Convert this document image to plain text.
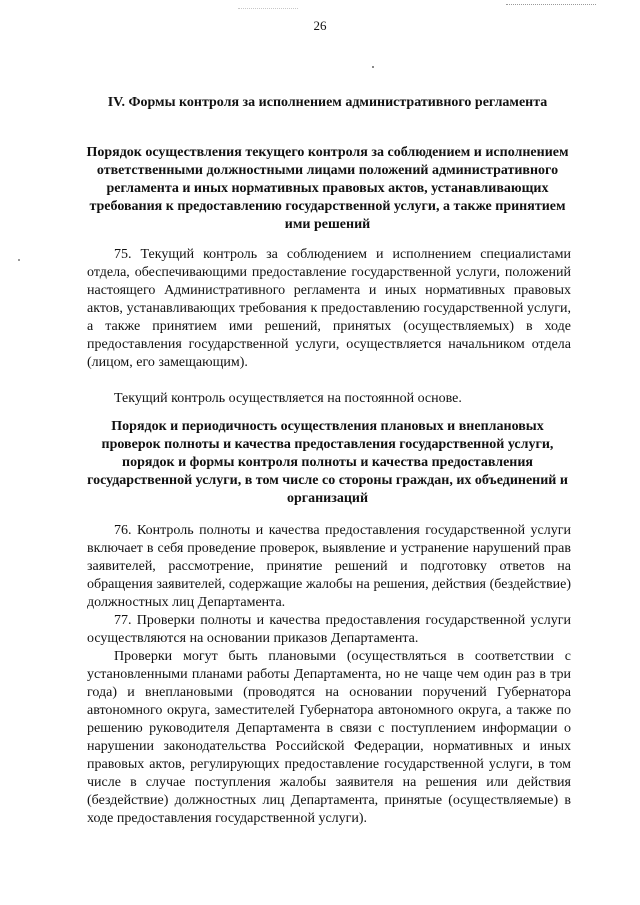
26
IV. Формы контроля за исполнением административного регламента
Порядок осуществления текущего контроля за соблюдением и исполнением ответственными должностными лицами положений административного регламента и иных нормативных правовых актов, устанавливающих требования к предоставлению государственной услуги, а также принятием ими решений

75. Текущий контроль за соблюдением и исполнением специалистами отдела, обеспечивающими предоставление государственной услуги, положений настоящего Административного регламента и иных нормативных правовых актов, устанавливающих требования к предоставлению государственной услуги, а также принятием ими решений, принятых (осуществляемых) в ходе предоставления государственной услуги, осуществляется начальником отдела (лицом, его замещающим).

Текущий контроль осуществляется на постоянной основе.

Порядок и периодичность осуществления плановых и внеплановых проверок полноты и качества предоставления государственной услуги, порядок и формы контроля полноты и качества предоставления государственной услуги, в том числе со стороны граждан, их объединений и организаций

76. Контроль полноты и качества предоставления государственной услуги включает в себя проведение проверок, выявление и устранение нарушений прав заявителей, рассмотрение, принятие решений и подготовку ответов на обращения заявителей, содержащие жалобы на решения, действия (бездействие) должностных лиц Департамента.

77. Проверки полноты и качества предоставления государственной услуги осуществляются на основании приказов Департамента.

Проверки могут быть плановыми (осуществляться в соответствии с установленными планами работы Департамента, но не чаще чем один раз в три года) и внеплановыми (проводятся на основании поручений Губернатора автономного округа, заместителей Губернатора автономного округа, а также по решению руководителя Департамента в связи с поступлением информации о нарушении законодательства Российской Федерации, нормативных и иных правовых актов, регулирующих предоставление государственной услуги, в том числе в случае поступления жалобы заявителя на решения или действия (бездействие) должностных лиц Департамента, принятые (осуществляемые) в ходе предоставления государственной услуги).
